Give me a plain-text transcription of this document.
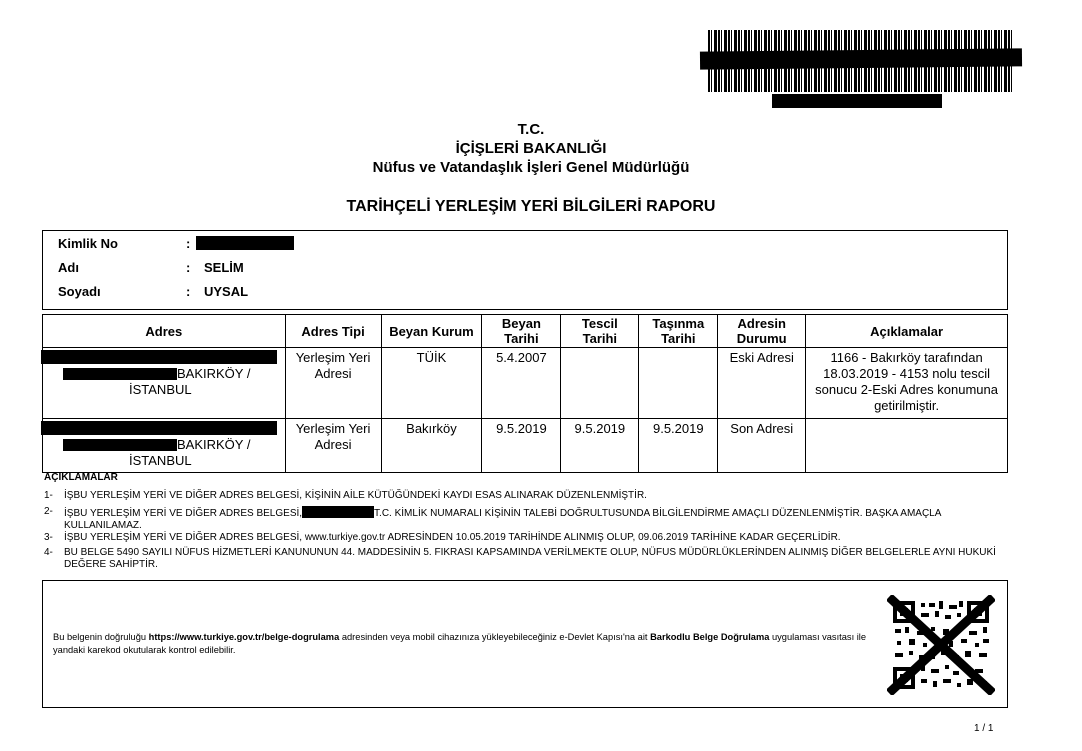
T.C.
İÇİŞLERİ BAKANLIĞI
Nüfus ve Vatandaşlık İşleri Genel Müdürlüğü
TARİHÇELİ YERLEŞİM YERİ BİLGİLERİ RAPORU
Kimlik No	:
Adı	: SELİM
Soyadı	: UYSAL
Adres	Adres Tipi	Beyan Kurum	Beyan Tarihi	Tescil Tarihi	Taşınma Tarihi	Adresin Durumu	Açıklamalar

BAKIRKÖY /
İSTANBUL	Yerleşim Yeri Adresi	TÜİK	5.4.2007			Eski Adresi	1166 - Bakırköy tarafından 18.03.2019 - 4153 nolu tescil sonucu 2-Eski Adres konumuna getirilmiştir.

BAKIRKÖY /
İSTANBUL	Yerleşim Yeri Adresi	Bakırköy	9.5.2019	9.5.2019	9.5.2019	Son Adresi	
AÇIKLAMALAR
1- İŞBU YERLEŞİM YERİ VE DİĞER ADRES BELGESİ, KİŞİNİN AİLE KÜTÜĞÜNDEKİ KAYDI ESAS ALINARAK DÜZENLENMİŞTİR.
2- İŞBU YERLEŞİM YERİ VE DİĞER ADRES BELGESİ,	T.C. KİMLİK NUMARALI KİŞİNİN TALEBİ DOĞRULTUSUNDA BİLGİLENDİRME AMAÇLI DÜZENLENMİŞTİR. BAŞKA AMAÇLA KULLANILAMAZ.
3- İŞBU YERLEŞİM YERİ VE DİĞER ADRES BELGESİ, www.turkiye.gov.tr ADRESİNDEN 10.05.2019 TARİHİNDE ALINMIŞ OLUP, 09.06.2019 TARİHİNE KADAR GEÇERLİDİR.
4- BU BELGE 5490 SAYILI NÜFUS HİZMETLERİ KANUNUNUN 44. MADDESİNİN 5. FIKRASI KAPSAMINDA VERİLMEKTE OLUP, NÜFUS MÜDÜRLÜKLERİNDEN ALINMIŞ DİĞER BELGELERLE AYNI HUKUKİ DEĞERE SAHİPTİR.
Bu belgenin doğruluğu https://www.turkiye.gov.tr/belge-dogrulama adresinden veya mobil cihazınıza yükleyebileceğiniz e-Devlet Kapısı'na ait Barkodlu Belge Doğrulama uygulaması vasıtası ile yandaki karekod okutularak kontrol edilebilir.
1 / 1
